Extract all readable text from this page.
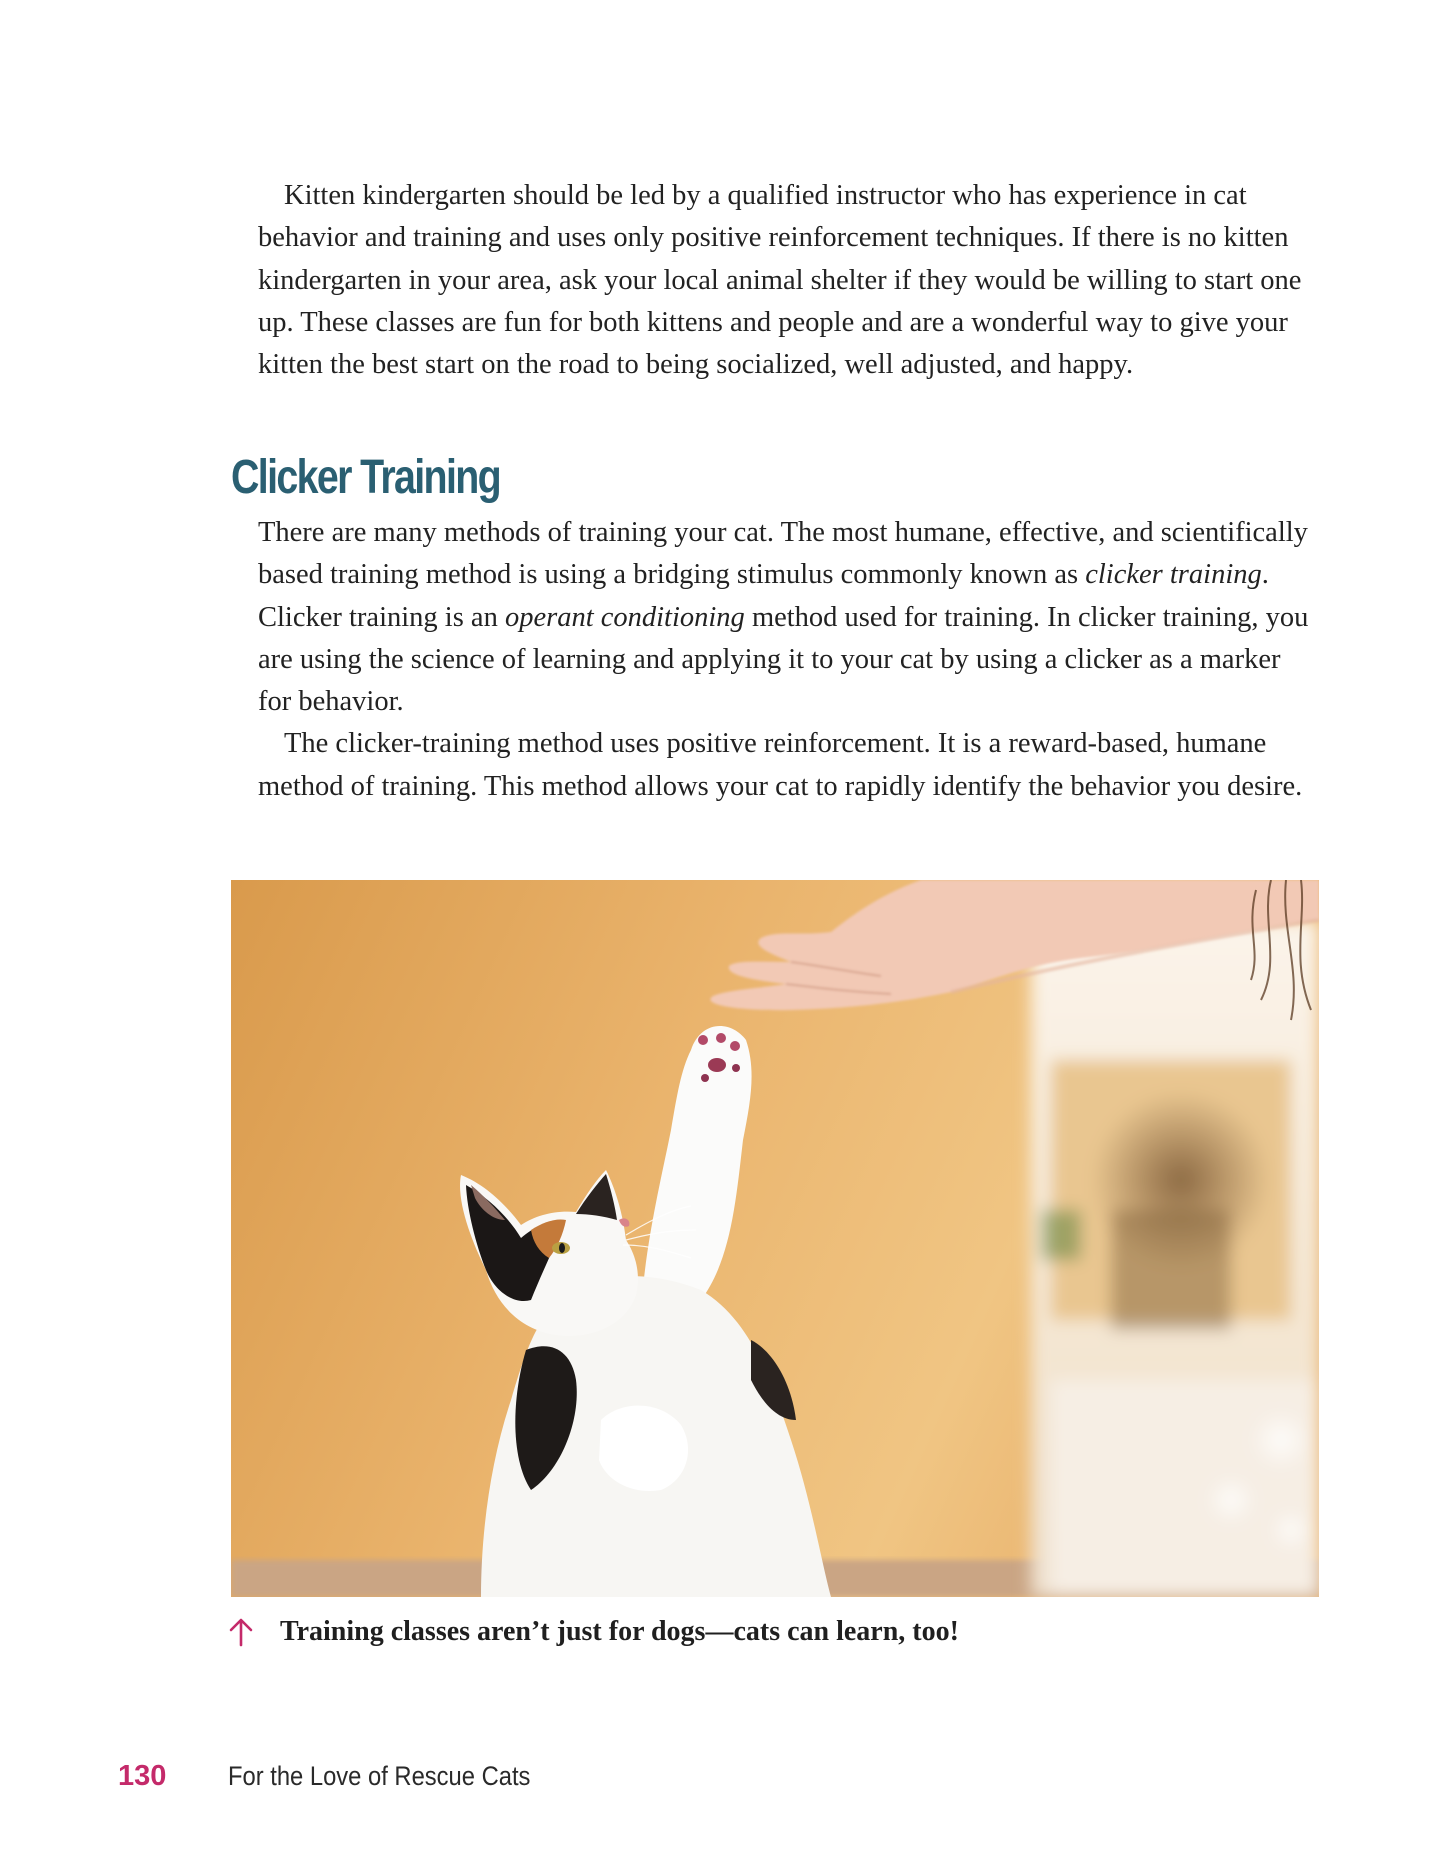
Kitten kindergarten should be led by a qualified instructor who has experience in cat behavior and training and uses only positive reinforcement techniques. If there is no kitten kindergarten in your area, ask your local animal shelter if they would be willing to start one up. These classes are fun for both kittens and people and are a wonderful way to give your kitten the best start on the road to being socialized, well adjusted, and happy.

Clicker Training

There are many methods of training your cat. The most humane, effective, and scientifically based training method is using a bridging stimulus commonly known as clicker training. Clicker training is an operant conditioning method used for training. In clicker training, you are using the science of learning and applying it to your cat by using a clicker as a marker for behavior.

The clicker-training method uses positive reinforcement. It is a reward-based, humane method of training. This method allows your cat to rapidly identify the behavior you desire.

Training classes aren’t just for dogs—cats can learn, too!
130	For the Love of Rescue Cats
